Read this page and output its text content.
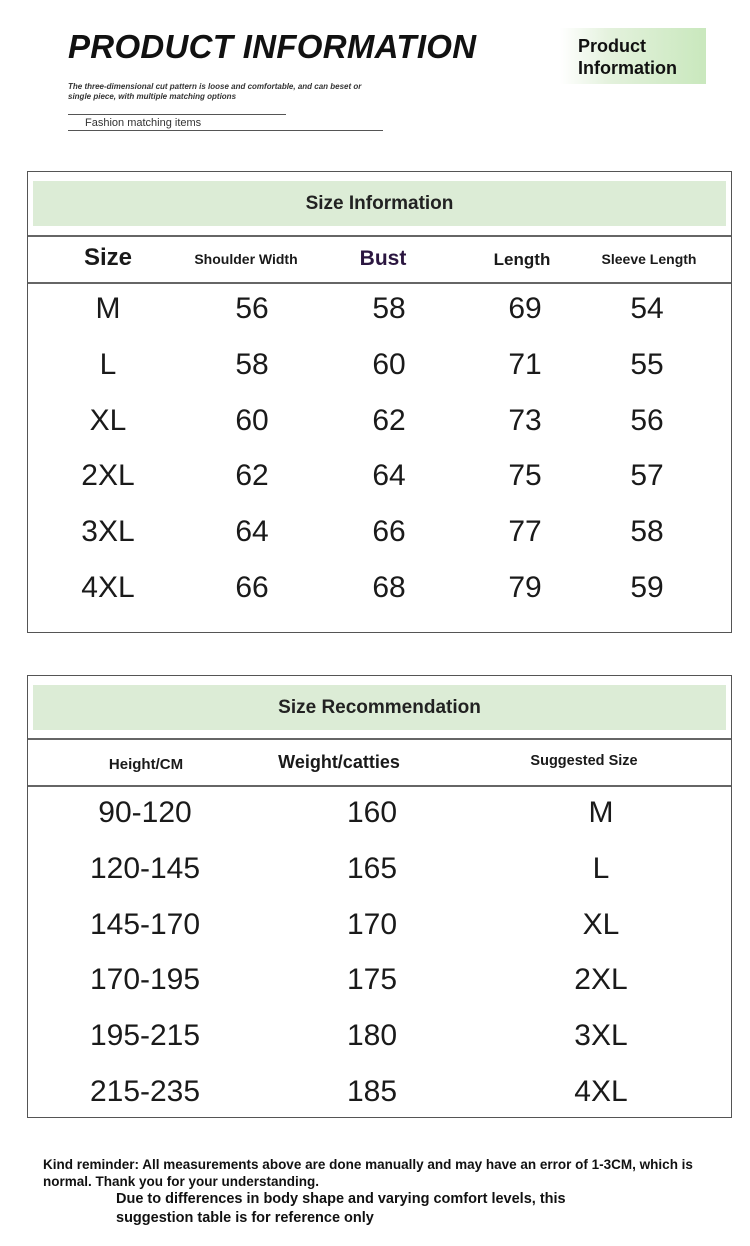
PRODUCT INFORMATION
The three-dimensional cut pattern is loose and comfortable, and can beset or single piece, with multiple matching options
Fashion matching items
Product
Information
Size Information
Size	Shoulder Width	Bust	Length	Sleeve Length
M	56	58	69	54
L	58	60	71	55
XL	60	62	73	56
2XL	62	64	75	57
3XL	64	66	77	58
4XL	66	68	79	59
Size Recommendation
Height/CM	Weight/catties	Suggested Size
90-120	160	M
120-145	165	L
145-170	170	XL
170-195	175	2XL
195-215	180	3XL
215-235	185	4XL
Kind reminder: All measurements above are done manually and may have an error of 1-3CM, which is normal. Thank you for your understanding.
Due to differences in body shape and varying comfort levels, this suggestion table is for reference only
